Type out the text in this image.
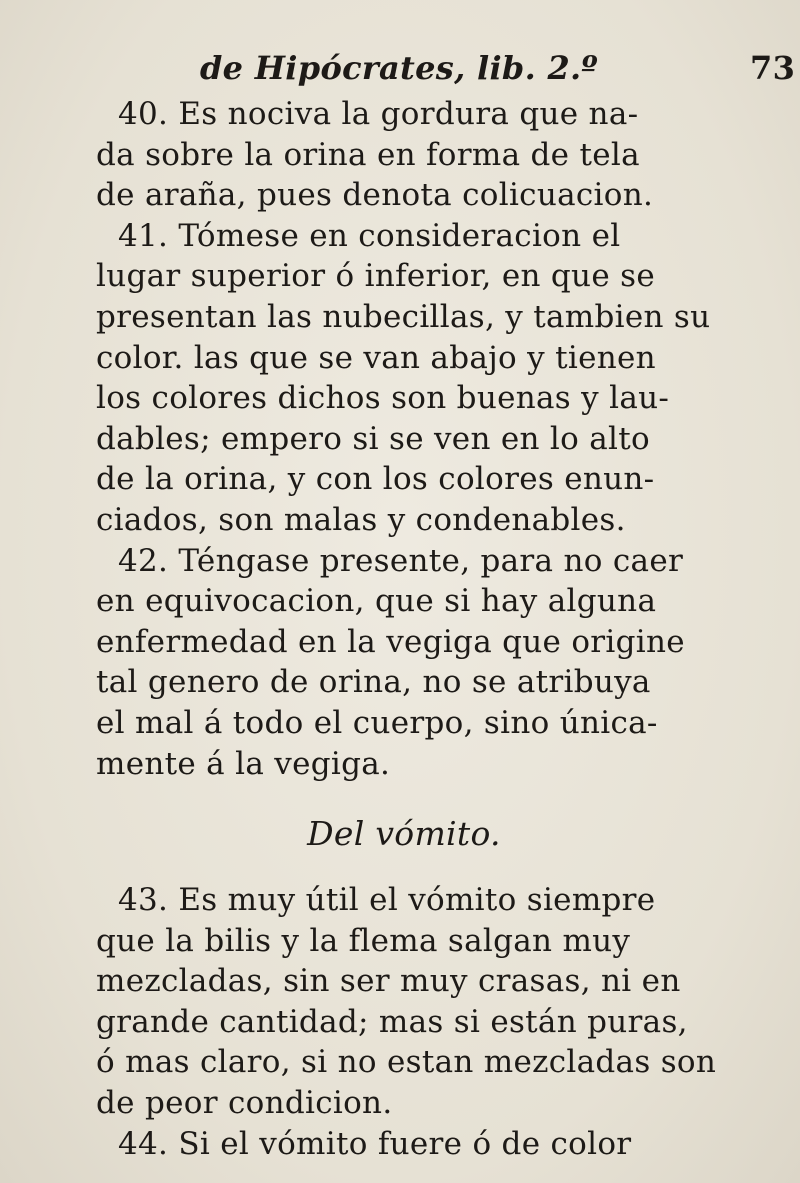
de Hipócrates, lib. 2.º	73

40. Es nociva la gordura que na-

da sobre la orina en forma de tela

de araña, pues denota colicuacion.

41. Tómese en consideracion el

lugar superior ó inferior, en que se

presentan las nubecillas, y tambien su

color. las que se van abajo y tienen

los colores dichos son buenas y lau-

dables; empero si se ven en lo alto

de la orina, y con los colores enun-

ciados, son malas y condenables.

42. Téngase presente, para no caer

en equivocacion, que si hay alguna

enfermedad en la vegiga que origine

tal genero de orina, no se atribuya

el mal á todo el cuerpo, sino única-

mente á la vegiga.

Del vómito.

43. Es muy útil el vómito siempre

que la bilis y la flema salgan muy

mezcladas, sin ser muy crasas, ni en

grande cantidad; mas si están puras,

ó mas claro, si no estan mezcladas son

de peor condicion.

44. Si el vómito fuere ó de color
